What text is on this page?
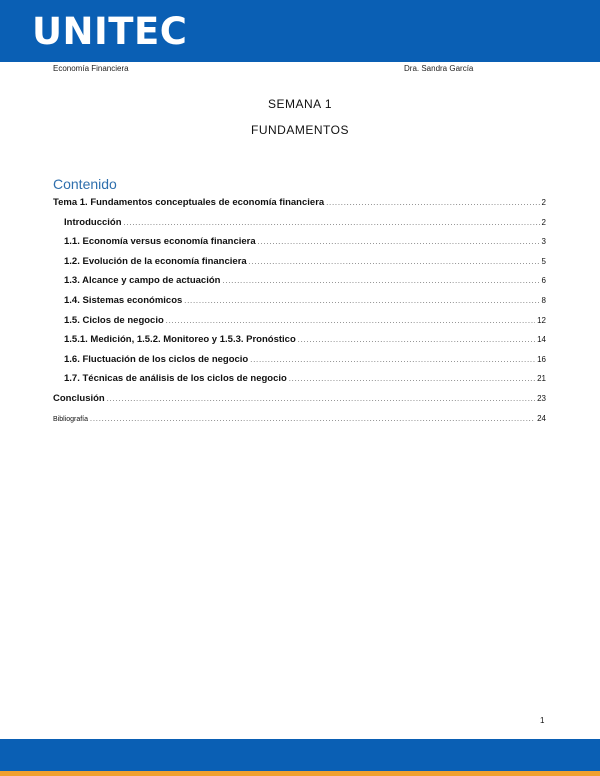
UNITEC
Economía Financiera	Dra. Sandra García
SEMANA 1
FUNDAMENTOS
Contenido
Tema 1. Fundamentos conceptuales de economía financiera .....	2
Introducción .....	2
1.1. Economía versus economía financiera .....	3
1.2. Evolución de la economía financiera .....	5
1.3. Alcance y campo de actuación .....	6
1.4. Sistemas económicos .....	8
1.5. Ciclos de negocio .....	12
1.5.1. Medición, 1.5.2. Monitoreo y 1.5.3. Pronóstico .....	14
1.6. Fluctuación de los ciclos de negocio .....	16
1.7. Técnicas de análisis de los ciclos de negocio .....	21
Conclusión .....	23
Bibliografía .....	24
1
